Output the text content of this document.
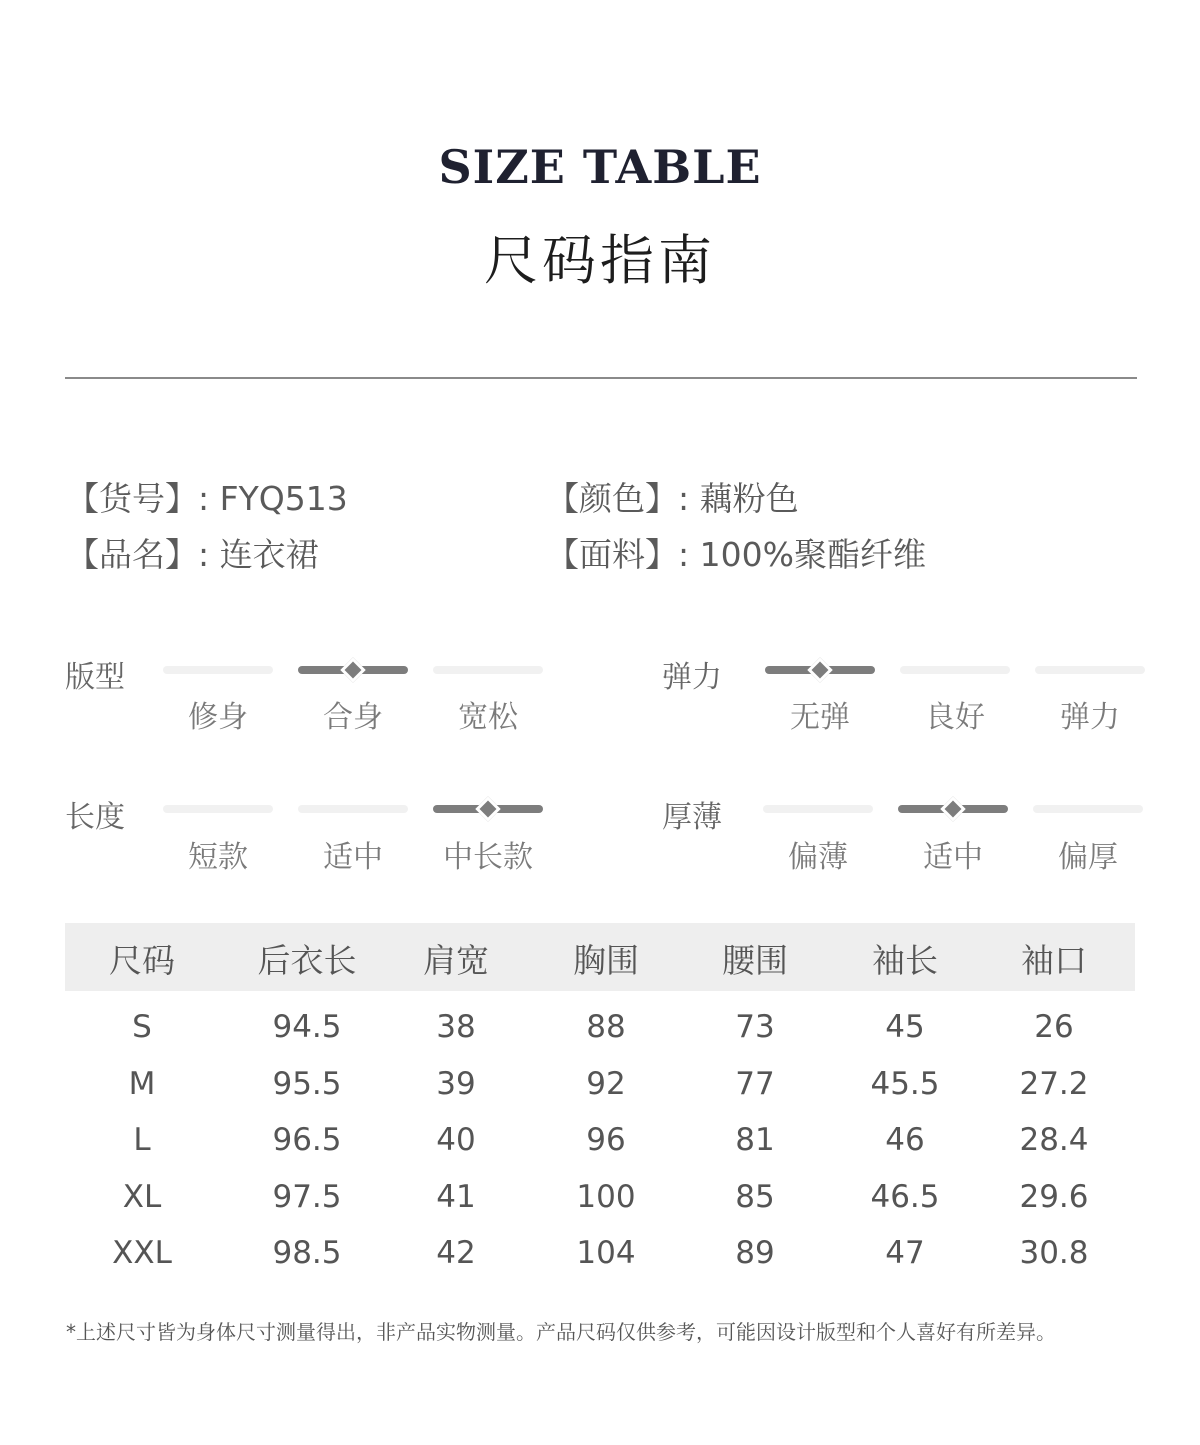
SIZE TABLE
尺码指南
【货号】: FYQ513	【颜色】: 藕粉色
【品名】: 连衣裙	【面料】: 100%聚酯纤维
版型	弹力
长度	厚薄
*上述尺寸皆为身体尺寸测量得出，非产品实物测量。产品尺码仅供参考，可能因设计版型和个人喜好有所差异。
修身	合身	宽松	无弹	良好	弹力
短款	适中	中长款	偏薄	适中	偏厚
尺码	后衣长	肩宽	胸围	腰围	袖长	袖口
S	94.5	38	88	73	45	26
M	95.5	39	92	77	45.5	27.2
L	96.5	40	96	81	46	28.4
XL	97.5	41	100	85	46.5	29.6
XXL	98.5	42	104	89	47	30.8
